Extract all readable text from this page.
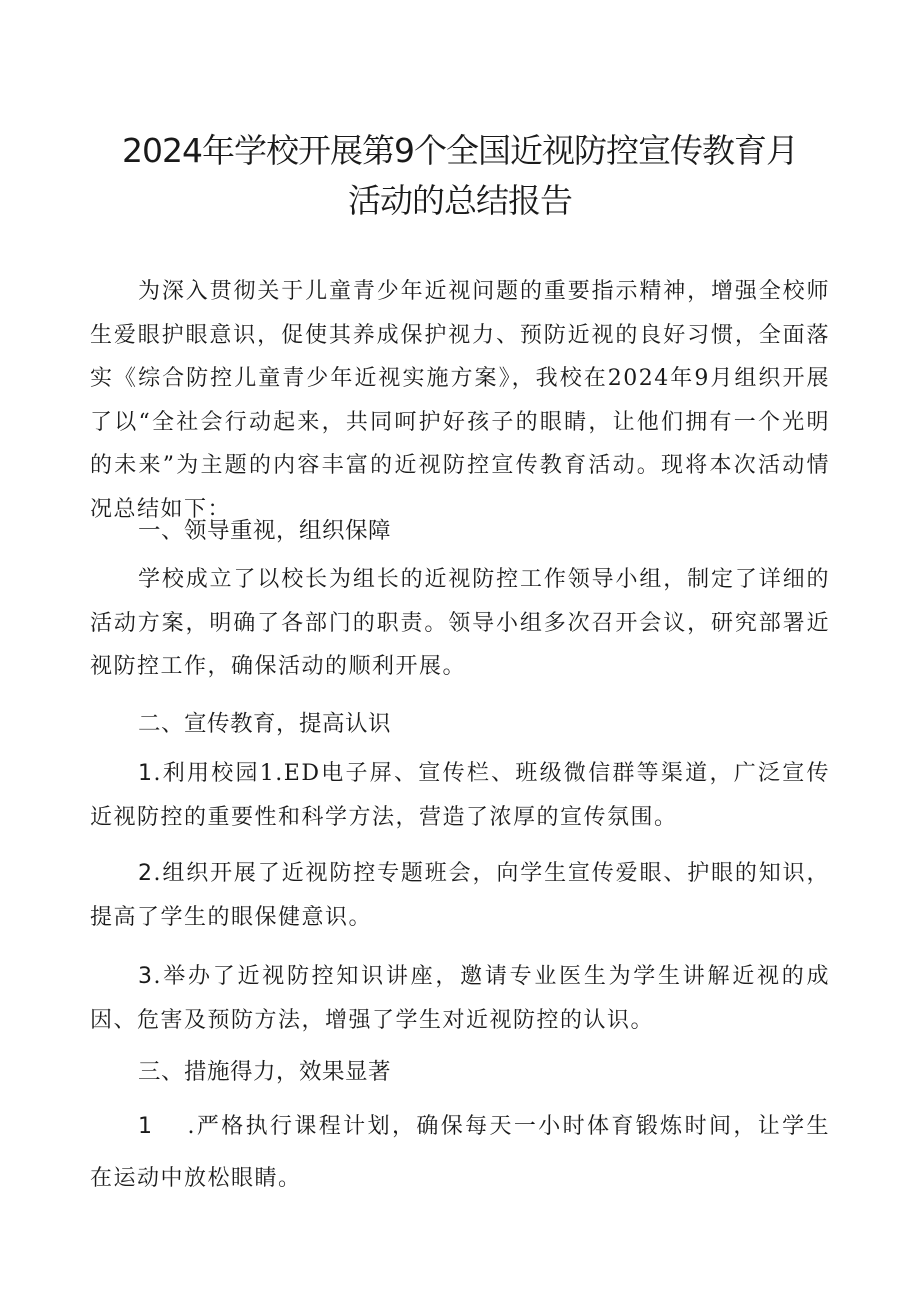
2024年学校开展第9个全国近视防控宣传教育月
活动的总结报告

为深入贯彻关于儿童青少年近视问题的重要指示精神，增强全校师生爱眼护眼意识，促使其养成保护视力、预防近视的良好习惯，全面落实《综合防控儿童青少年近视实施方案》，我校在2024年9月组织开展了以“全社会行动起来，共同呵护好孩子的眼睛，让他们拥有一个光明的未来”为主题的内容丰富的近视防控宣传教育活动。现将本次活动情况总结如下：

一、领导重视，组织保障

学校成立了以校长为组长的近视防控工作领导小组，制定了详细的活动方案，明确了各部门的职责。领导小组多次召开会议，研究部署近视防控工作，确保活动的顺利开展。

二、宣传教育，提高认识

1.利用校园1.ED电子屏、宣传栏、班级微信群等渠道，广泛宣传近视防控的重要性和科学方法，营造了浓厚的宣传氛围。

2.组织开展了近视防控专题班会，向学生宣传爱眼、护眼的知识，提高了学生的眼保健意识。

3.举办了近视防控知识讲座，邀请专业医生为学生讲解近视的成因、危害及预防方法，增强了学生对近视防控的认识。

三、措施得力，效果显著

1 .严格执行课程计划，确保每天一小时体育锻炼时间，让学生在运动中放松眼睛。
